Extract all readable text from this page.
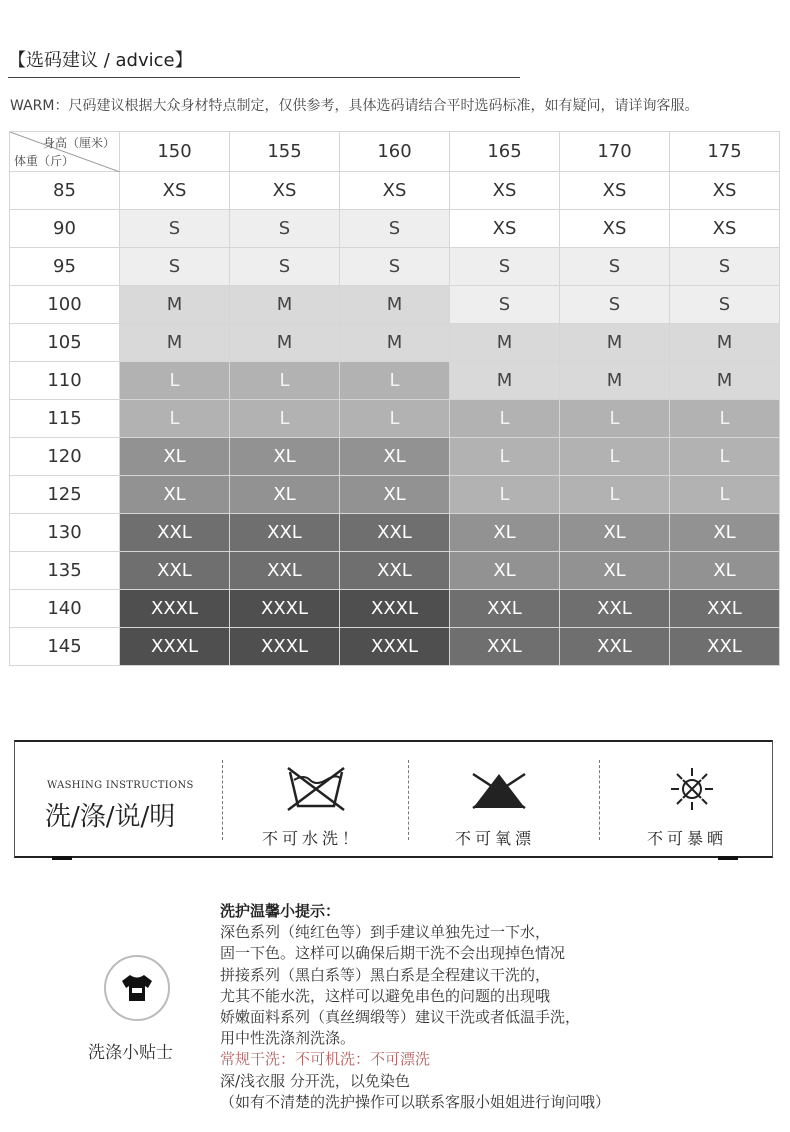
【选码建议 / advice】
WARM：尺码建议根据大众身材特点制定，仅供参考，具体选码请结合平时选码标准，如有疑问，请详询客服。
身高（厘米）
体重（斤）	150	155	160	165	170	175
85	XS	XS	XS	XS	XS	XS
90	S	S	S	XS	XS	XS
95	S	S	S	S	S	S
100	M	M	M	S	S	S
105	M	M	M	M	M	M
110	L	L	L	M	M	M
115	L	L	L	L	L	L
120	XL	XL	XL	L	L	L
125	XL	XL	XL	L	L	L
130	XXL	XXL	XXL	XL	XL	XL
135	XXL	XXL	XXL	XL	XL	XL
140	XXXL	XXXL	XXXL	XXL	XXL	XXL
145	XXXL	XXXL	XXXL	XXL	XXL	XXL
WASHING INSTRUCTIONS
洗/涤/说/明
不可水洗！	不可氧漂	不可暴晒
洗涤小贴士
洗护温馨小提示：
深色系列（纯红色等）到手建议单独先过一下水，
固一下色。这样可以确保后期干洗不会出现掉色情况
拼接系列（黑白系等）黑白系是全程建议干洗的，
尤其不能水洗，这样可以避免串色的问题的出现哦
娇嫩面料系列（真丝绸缎等）建议干洗或者低温手洗，
用中性洗涤剂洗涤。
常规干洗：不可机洗：不可漂洗
深/浅衣服 分开洗，以免染色
（如有不清楚的洗护操作可以联系客服小姐姐进行询问哦）
